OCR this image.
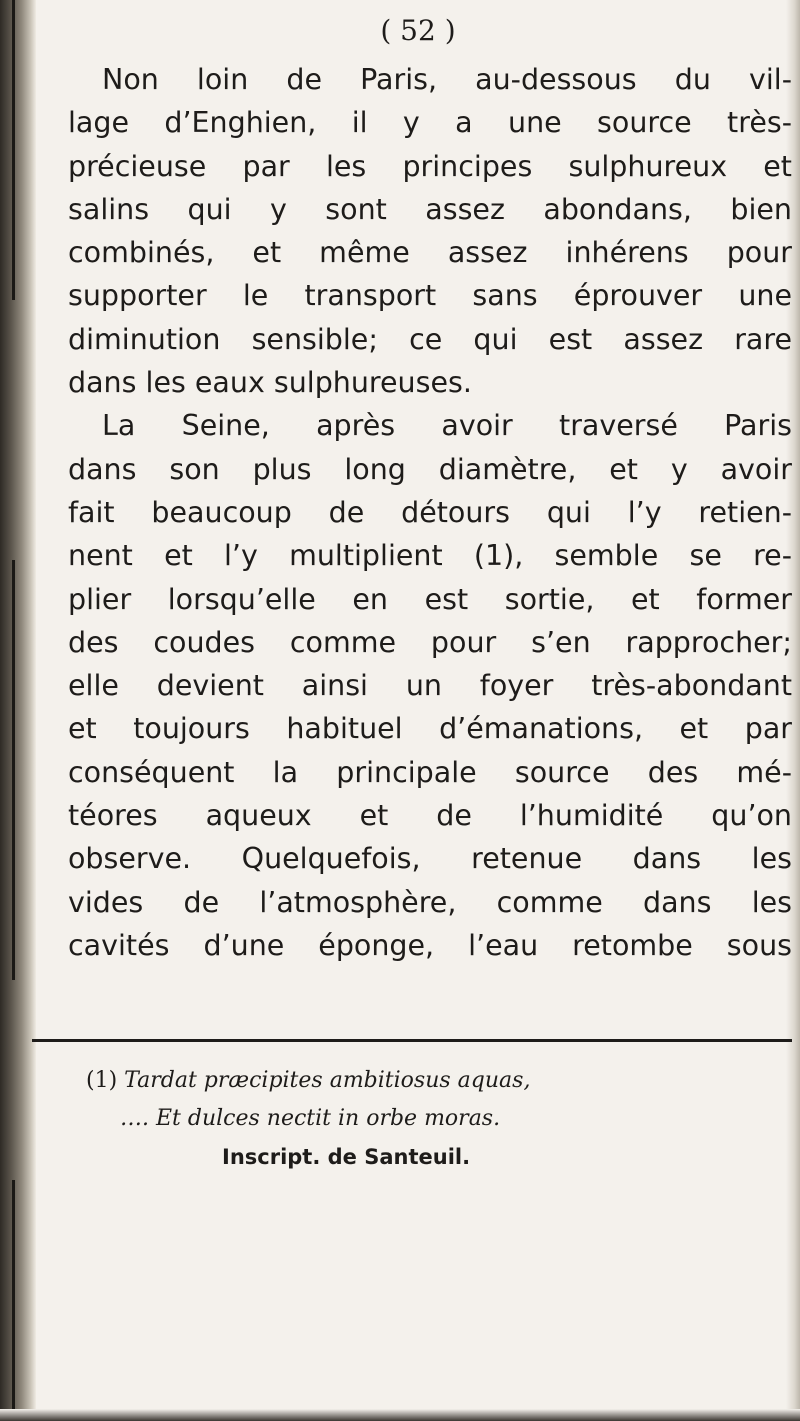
( 52 )
Non loin de Paris, au-dessous du vil-
lage d’Enghien, il y a une source très-
précieuse par les principes sulphureux et
salins qui y sont assez abondans, bien
combinés, et même assez inhérens pour
supporter le transport sans éprouver une
diminution sensible; ce qui est assez rare
dans les eaux sulphureuses.
La Seine, après avoir traversé Paris
dans son plus long diamètre, et y avoir
fait beaucoup de détours qui l’y retien-
nent et l’y multiplient (1), semble se re-
plier lorsqu’elle en est sortie, et former
des coudes comme pour s’en rapprocher;
elle devient ainsi un foyer très-abondant
et toujours habituel d’émanations, et par
conséquent la principale source des mé-
téores aqueux et de l’humidité qu’on
observe. Quelquefois, retenue dans les
vides de l’atmosphère, comme dans les
cavités d’une éponge, l’eau retombe sous
(1) Tardat præcipites ambitiosus aquas,
…. Et dulces nectit in orbe moras.
Inscript. de Santeuil.
